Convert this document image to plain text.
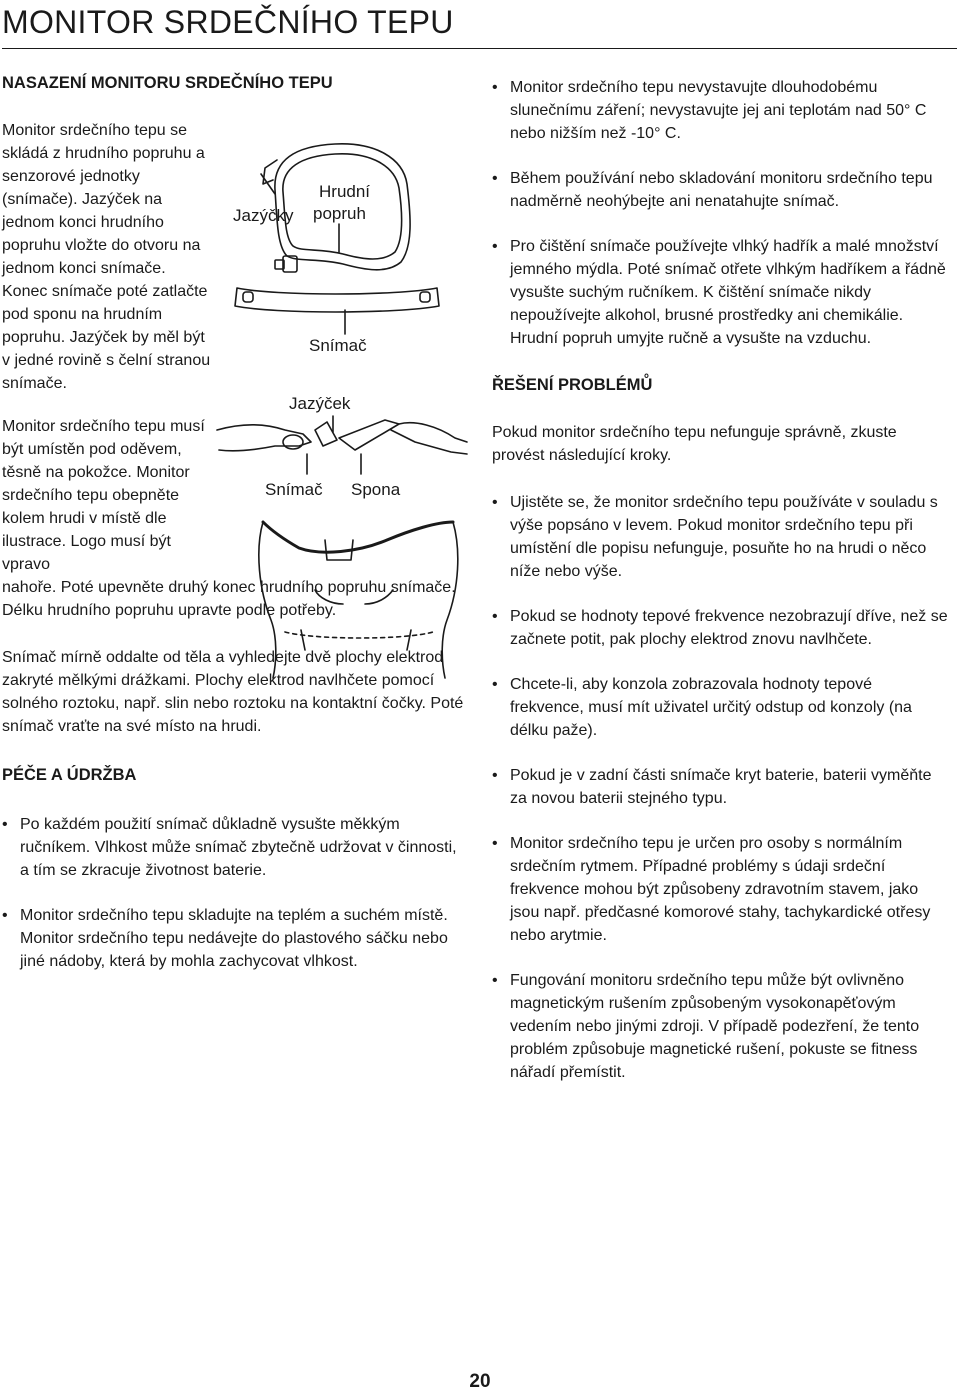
MONITOR SRDEČNÍHO TEPU
NASAZENÍ MONITORU SRDEČNÍHO TEPU

Monitor srdečního tepu se skládá z hrudního popruhu a senzorové jednotky (snímače). Jazýček na jednom konci hrudního popruhu vložte do otvoru na jednom konci snímače. Konec snímače poté zatlačte pod sponu na hrudním popruhu. Jazýček by měl být v jedné rovině s čelní stranou snímače.

Monitor srdečního tepu musí být umístěn pod oděvem, těsně na pokožce. Monitor srdečního tepu obepněte kolem hrudi v místě dle ilustrace. Logo musí být vpravo

nahoře. Poté upevněte druhý konec hrudního popruhu snímače. Délku hrudního popruhu upravte podle potřeby.

Snímač mírně oddalte od těla a vyhledejte dvě plochy elektrod zakryté mělkými drážkami. Plochy elektrod navlhčete pomocí solného roztoku, např. slin nebo roztoku na kontaktní čočky. Poté snímač vraťte na své místo na hrudi.

PÉČE A ÚDRŽBA
• Po každém použití snímač důkladně vysušte měkkým ručníkem. Vlhkost může snímač zbytečně udržovat v činnosti, a tím se zkracuje životnost baterie.
• Monitor srdečního tepu skladujte na teplém a suchém místě. Monitor srdečního tepu nedávejte do plastového sáčku nebo jiné nádoby, která by mohla zachycovat vlhkost.
Jazýčky
Hrudní
popruh
Snímač
Jazýček
Snímač Spona
• Monitor srdečního tepu nevystavujte dlouhodobému slunečnímu záření; nevystavujte jej ani teplotám nad 50° C nebo nižším než -10° C.
• Během používání nebo skladování monitoru srdečního tepu nadměrně neohýbejte ani nenatahujte snímač.
• Pro čištění snímače používejte vlhký hadřík a malé množství jemného mýdla. Poté snímač otřete vlhkým hadříkem a řádně vysušte suchým ručníkem. K čištění snímače nikdy nepoužívejte alkohol, brusné prostředky ani chemikálie. Hrudní popruh umyjte ručně a vysušte na vzduchu.
ŘEŠENÍ PROBLÉMŮ

Pokud monitor srdečního tepu nefunguje správně, zkuste provést následující kroky.

• Ujistěte se, že monitor srdečního tepu používáte v souladu s výše popsáno v levem. Pokud monitor srdečního tepu při umístění dle popisu nefunguje, posuňte ho na hrudi o něco níže nebo výše.
• Pokud se hodnoty tepové frekvence nezobrazují dříve, než se začnete potit, pak plochy elektrod znovu navlhčete.
• Chcete-li, aby konzola zobrazovala hodnoty tepové frekvence, musí mít uživatel určitý odstup od konzoly (na délku paže).
• Pokud je v zadní části snímače kryt baterie, baterii vyměňte za novou baterii stejného typu.
• Monitor srdečního tepu je určen pro osoby s normálním srdečním rytmem. Případné problémy s údaji srdeční frekvence mohou být způsobeny zdravotním stavem, jako jsou např. předčasné komorové stahy, tachykardické otřesy nebo arytmie.
• Fungování monitoru srdečního tepu může být ovlivněno magnetickým rušením způsobeným vysokonapěťovým vedením nebo jinými zdroji. V případě podezření, že tento problém způsobuje magnetické rušení, pokuste se fitness nářadí přemístit.
20
